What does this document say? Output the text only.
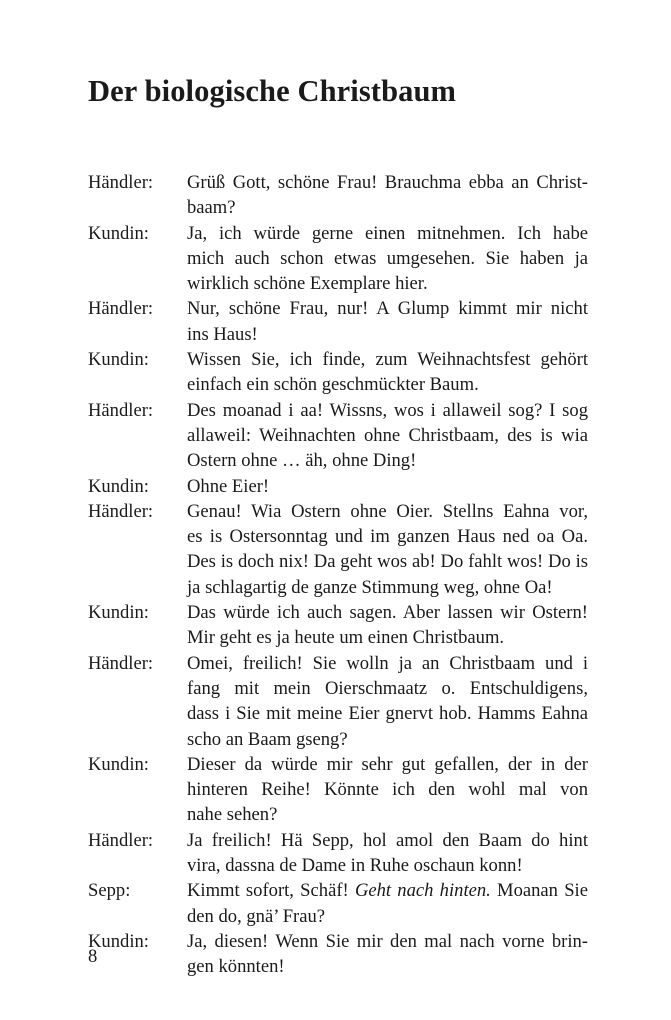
Der biologische Christbaum
Händler:	Grüß Gott, schöne Frau! Brauchma ebba an Christ-
baam?
Kundin:	Ja, ich würde gerne einen mitnehmen. Ich habe
mich auch schon etwas umgesehen. Sie haben ja
wirklich schöne Exemplare hier.
Händler:	Nur, schöne Frau, nur! A Glump kimmt mir nicht
ins Haus!
Kundin:	Wissen Sie, ich finde, zum Weihnachtsfest gehört
einfach ein schön geschmückter Baum.
Händler:	Des moanad i aa! Wissns, wos i allaweil sog? I sog
allaweil: Weihnachten ohne Christbaam, des is wia
Ostern ohne … äh, ohne Ding!
Kundin:	Ohne Eier!
Händler:	Genau! Wia Ostern ohne Oier. Stellns Eahna vor,
es is Ostersonntag und im ganzen Haus ned oa Oa.
Des is doch nix! Da geht wos ab! Do fahlt wos! Do is
ja schlagartig de ganze Stimmung weg, ohne Oa!
Kundin:	Das würde ich auch sagen. Aber lassen wir Ostern!
Mir geht es ja heute um einen Christbaum.
Händler:	Omei, freilich! Sie wolln ja an Christbaam und i
fang mit mein Oierschmaatz o. Entschuldigens,
dass i Sie mit meine Eier gnervt hob. Hamms Eahna
scho an Baam gseng?
Kundin:	Dieser da würde mir sehr gut gefallen, der in der
hinteren Reihe! Könnte ich den wohl mal von
nahe sehen?
Händler:	Ja freilich! Hä Sepp, hol amol den Baam do hint
vira, dassna de Dame in Ruhe oschaun konn!
Sepp:	Kimmt sofort, Schäf! Geht nach hinten. Moanan Sie
den do, gnä’ Frau?
Kundin:	Ja, diesen! Wenn Sie mir den mal nach vorne brin-
gen könnten!
8
